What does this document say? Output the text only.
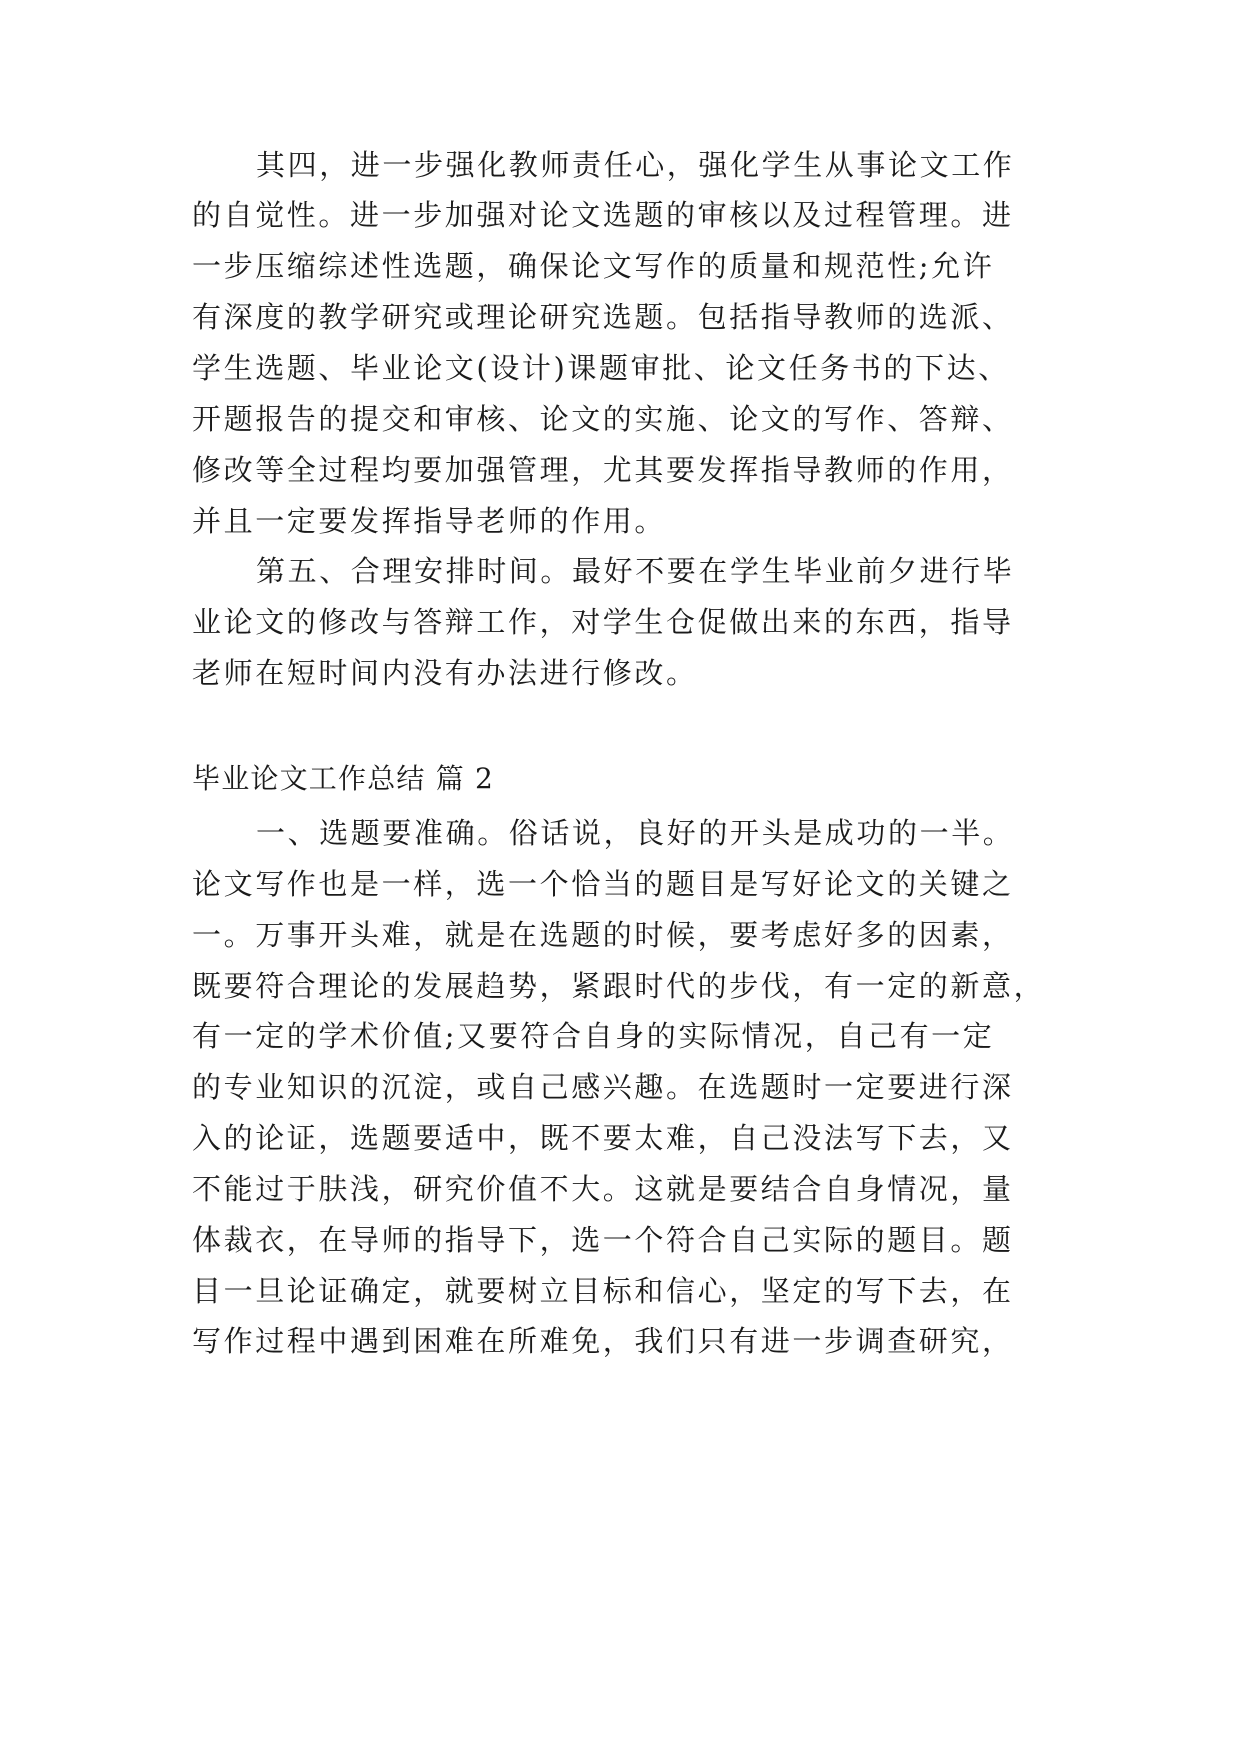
其四，进一步强化教师责任心，强化学生从事论文工作
的自觉性。进一步加强对论文选题的审核以及过程管理。进
一步压缩综述性选题，确保论文写作的质量和规范性;允许
有深度的教学研究或理论研究选题。包括指导教师的选派、
学生选题、毕业论文(设计)课题审批、论文任务书的下达、
开题报告的提交和审核、论文的实施、论文的写作、答辩、
修改等全过程均要加强管理，尤其要发挥指导教师的作用，
并且一定要发挥指导老师的作用。
第五、合理安排时间。最好不要在学生毕业前夕进行毕
业论文的修改与答辩工作，对学生仓促做出来的东西，指导
老师在短时间内没有办法进行修改。
毕业论文工作总结 篇 2
一、选题要准确。俗话说，良好的开头是成功的一半。
论文写作也是一样，选一个恰当的题目是写好论文的关键之
一。万事开头难，就是在选题的时候，要考虑好多的因素，
既要符合理论的发展趋势，紧跟时代的步伐，有一定的新意，
有一定的学术价值;又要符合自身的实际情况，自己有一定
的专业知识的沉淀，或自己感兴趣。在选题时一定要进行深
入的论证，选题要适中，既不要太难，自己没法写下去，又
不能过于肤浅，研究价值不大。这就是要结合自身情况，量
体裁衣，在导师的指导下，选一个符合自己实际的题目。题
目一旦论证确定，就要树立目标和信心，坚定的写下去，在
写作过程中遇到困难在所难免，我们只有进一步调查研究，
